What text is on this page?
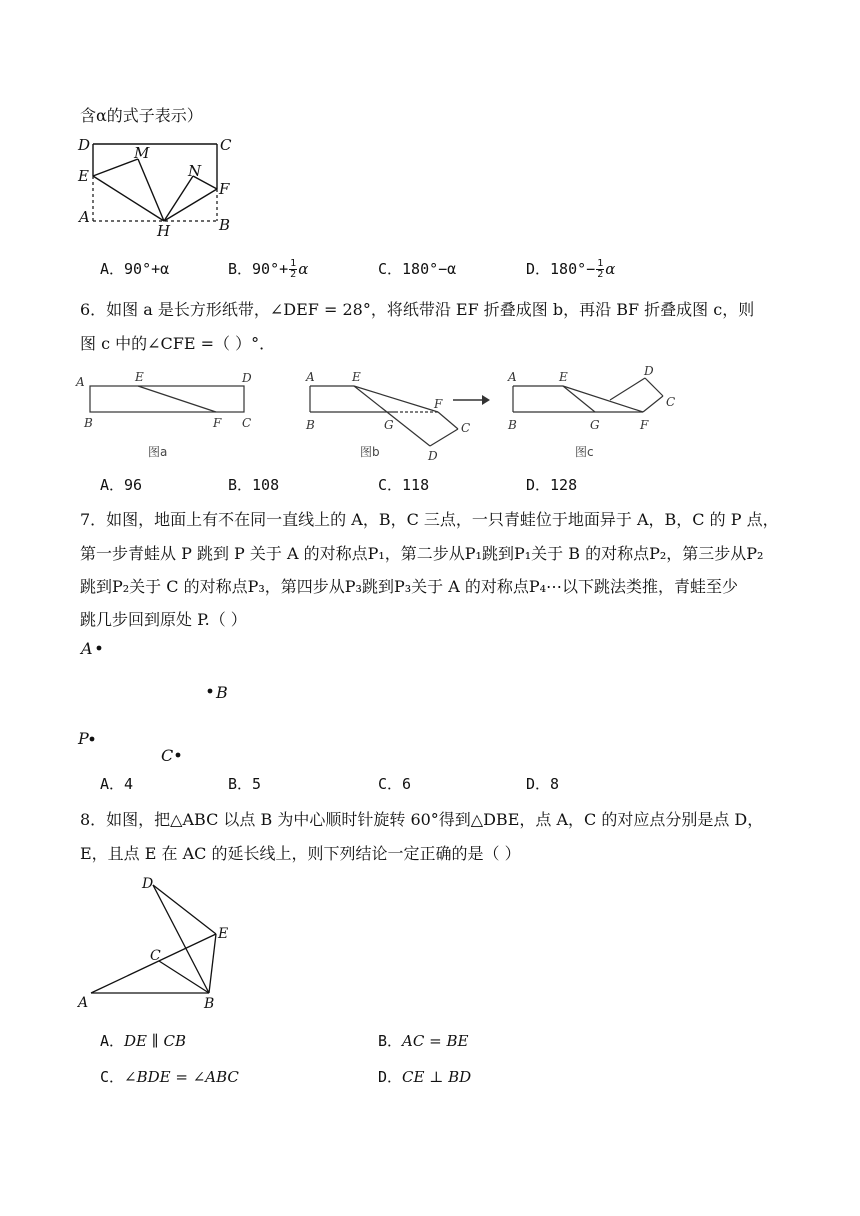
含α的式子表示）
D	C
M
N
E
F
A	B
H
A．90°+α	B．$90^\circ+ \frac{1}{2}$ α	C．180°−α	D．$180^\circ- \frac{1}{2}$ α
6．如图 a 是长方形纸带，∠DEF = 28°，将纸带沿 EF 折叠成图 b，再沿 BF 折叠成图 c，则
图 c 中的∠CFE =（ ）°．
A	E	D
B	F C
A	E
B	G
F
C
D
A	E
B	G	F
C
D
图a	图b	图c
A．96	B．108	C．118	D．128
7．如图，地面上有不在同一直线上的 A，B，C 三点，一只青蛙位于地面异于 A，B，C 的 P 点，
第一步青蛙从 P 跳到 P 关于 A 的对称点P₁，第二步从P₁跳到P₁关于 B 的对称点P₂，第三步从P₂
跳到P₂关于 C 的对称点P₃，第四步从P₃跳到P₃关于 A 的对称点P₄⋯以下跳法类推，青蛙至少
跳几步回到原处 P.（ ）
A
B
P
C
A．4	B．5	C．6	D．8
8．如图，把△ABC 以点 B 为中心顺时针旋转 60°得到△DBE，点 A，C 的对应点分别是点 D，
E，且点 E 在 AC 的延长线上，则下列结论一定正确的是（ ）
D
E
C
A	B
A．DE ∥ CB	B．AC = BE
C．∠BDE = ∠ABC	D．CE ⊥ BD
